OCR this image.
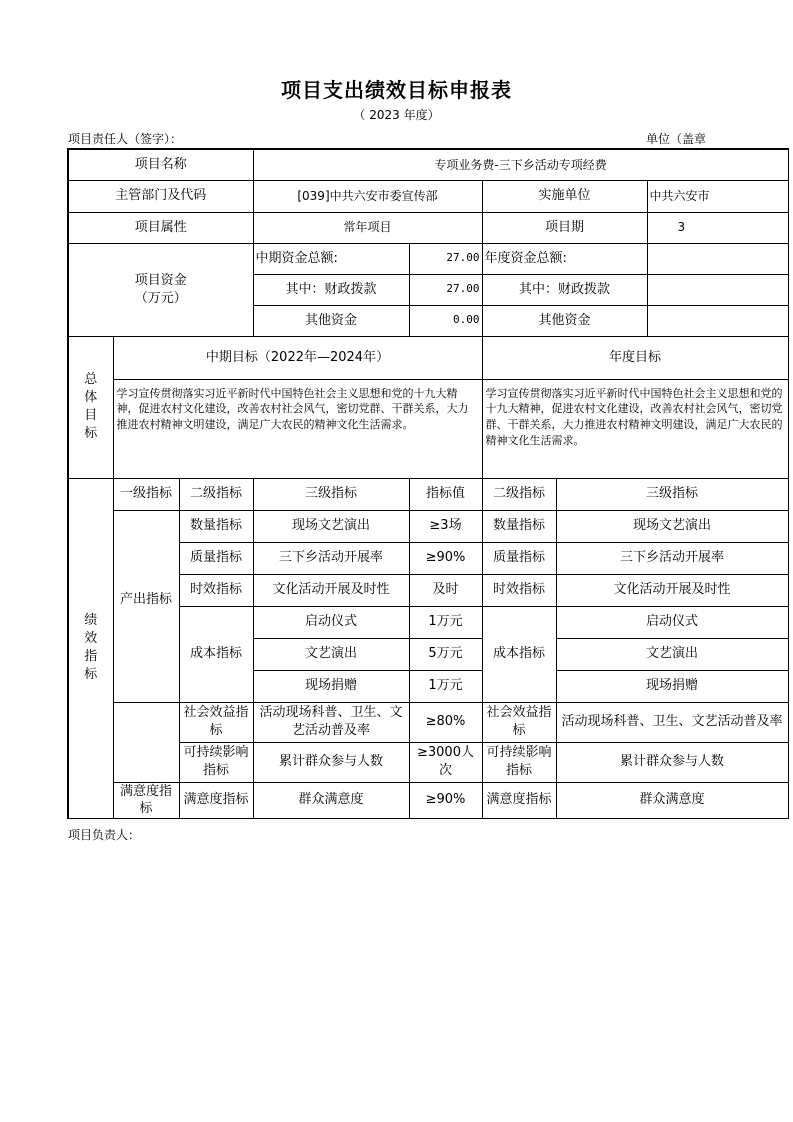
项目支出绩效目标申报表
（ 2023 年度）
项目责任人（签字）：	单位（盖章
项目名称			专项业务费-三下乡活动专项经费				
主管部门及代码			[039]中共六安市委宣传部		实施单位		中共六安市
项目属性			常年项目		项目期		3
项目资金
（万元）			中期资金总额:	27.00	年度资金总额:		
			其中：财政拨款	27.00	其中：财政拨款		
			其他资金	0.00	其他资金		
总体目标	中期目标（2022年—2024年）				年度目标		
	学习宣传贯彻落实习近平新时代中国特色社会主义思想和党的十九大精神，促进农村文化建设，改善农村社会风气，密切党群、干群关系，大力推进农村精神文明建设，满足广大农民的精神文化生活需求。				学习宣传贯彻落实习近平新时代中国特色社会主义思想和党的十九大精神，促进农村文化建设，改善农村社会风气，密切党群、干群关系，大力推进农村精神文明建设，满足广大农民的精神文化生活需求。		
绩效指标	一级指标	二级指标	三级指标	指标值	二级指标	三级指标	
	产出指标	数量指标	现场文艺演出	≥3场	数量指标	现场文艺演出	
		质量指标	三下乡活动开展率	≥90%	质量指标	三下乡活动开展率	
		时效指标	文化活动开展及时性	及时	时效指标	文化活动开展及时性	
		成本指标	启动仪式	1万元	成本指标	启动仪式	
			文艺演出	5万元		文艺演出	
			现场捐赠	1万元		现场捐赠	
		社会效益指标	活动现场科普、卫生、文艺活动普及率	≥80%	社会效益指标	活动现场科普、卫生、文艺活动普及率	
		可持续影响指标	累计群众参与人数	≥3000人次	可持续影响指标	累计群众参与人数	
	满意度指标	满意度指标	群众满意度	≥90%	满意度指标	群众满意度	
项目负责人：
